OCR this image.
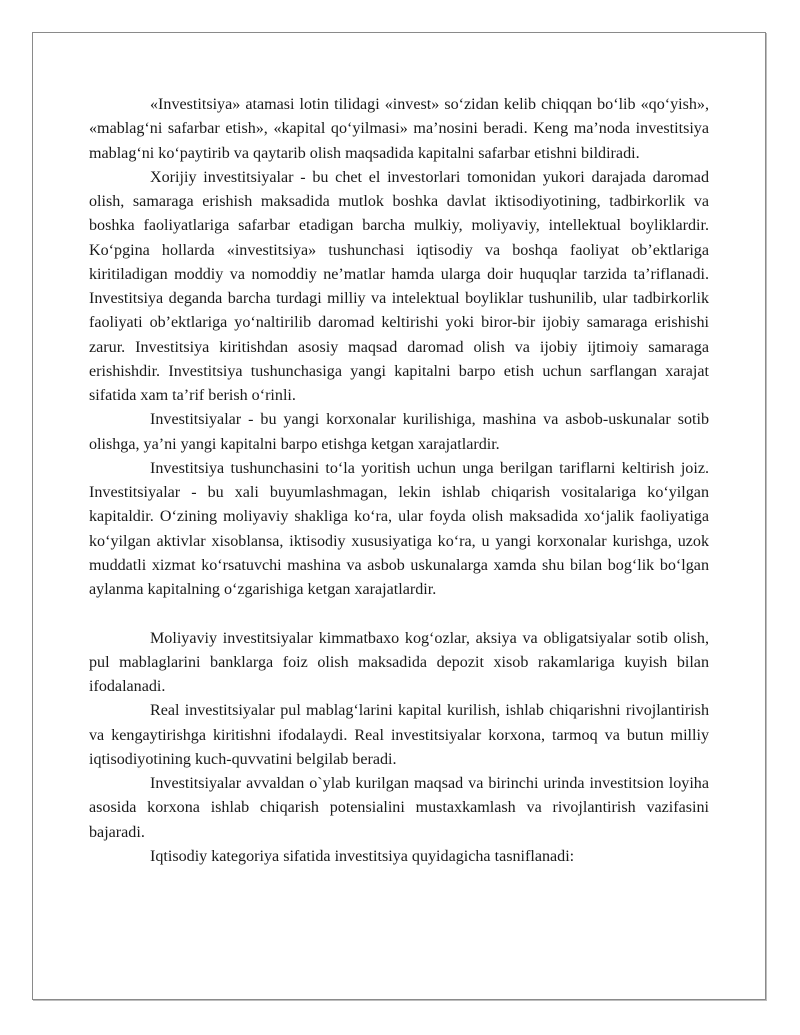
«Investitsiya» atamasi lotin tilidagi «invest» so‘zidan kelib chiqqan bo‘lib «qo‘yish», «mablag‘ni safarbar etish», «kapital qo‘yilmasi» ma’nosini beradi. Keng ma’noda investitsiya mablag‘ni ko‘paytirib va qaytarib olish maqsadida kapitalni safarbar etishni bildiradi.

Xorijiy investitsiyalar - bu chet el investorlari tomonidan yukori darajada daromad olish, samaraga erishish maksadida mutlok boshka davlat iktisodiyotining, tadbirkorlik va boshka faoliyatlariga safarbar etadigan barcha mulkiy, moliyaviy, intellektual boyliklardir. Ko‘pgina hollarda «investitsiya» tushunchasi iqtisodiy va boshqa faoliyat ob’ektlariga kiritiladigan moddiy va nomoddiy ne’matlar hamda ularga doir huquqlar tarzida ta’riflanadi. Investitsiya deganda barcha turdagi milliy va intelektual boyliklar tushunilib, ular tadbirkorlik faoliyati ob’ektlariga yo‘naltirilib daromad keltirishi yoki biror-bir ijobiy samaraga erishishi zarur. Investitsiya kiritishdan asosiy maqsad daromad olish va ijobiy ijtimoiy samaraga erishishdir. Investitsiya tushunchasiga yangi kapitalni barpo etish uchun sarflangan xarajat sifatida xam ta’rif berish o‘rinli.

Investitsiyalar - bu yangi korxonalar kurilishiga, mashina va asbob-uskunalar sotib olishga, ya’ni yangi kapitalni barpo etishga ketgan xarajatlardir.

Investitsiya tushunchasini to‘la yoritish uchun unga berilgan tariflarni keltirish joiz. Investitsiyalar - bu xali buyumlashmagan, lekin ishlab chiqarish vositalariga ko‘yilgan kapitaldir. O‘zining moliyaviy shakliga ko‘ra, ular foyda olish maksadida xo‘jalik faoliyatiga ko‘yilgan aktivlar xisoblansa, iktisodiy xususiyatiga ko‘ra, u yangi korxonalar kurishga, uzok muddatli xizmat ko‘rsatuvchi mashina va asbob uskunalarga xamda shu bilan bog‘lik bo‘lgan aylanma kapitalning o‘zgarishiga ketgan xarajatlardir.

Moliyaviy investitsiyalar kimmatbaxo kog‘ozlar, aksiya va obligatsiyalar sotib olish, pul mablaglarini banklarga foiz olish maksadida depozit xisob rakamlariga kuyish bilan ifodalanadi.

Real investitsiyalar pul mablag‘larini kapital kurilish, ishlab chiqarishni rivojlantirish va kengaytirishga kiritishni ifodalaydi. Real investitsiyalar korxona, tarmoq va butun milliy iqtisodiyotining kuch-quvvatini belgilab beradi.

Investitsiyalar avvaldan o`ylab kurilgan maqsad va birinchi urinda investitsion loyiha asosida korxona ishlab chiqarish potensialini mustaxkamlash va rivojlantirish vazifasini bajaradi.

Iqtisodiy kategoriya sifatida investitsiya quyidagicha tasniflanadi:
